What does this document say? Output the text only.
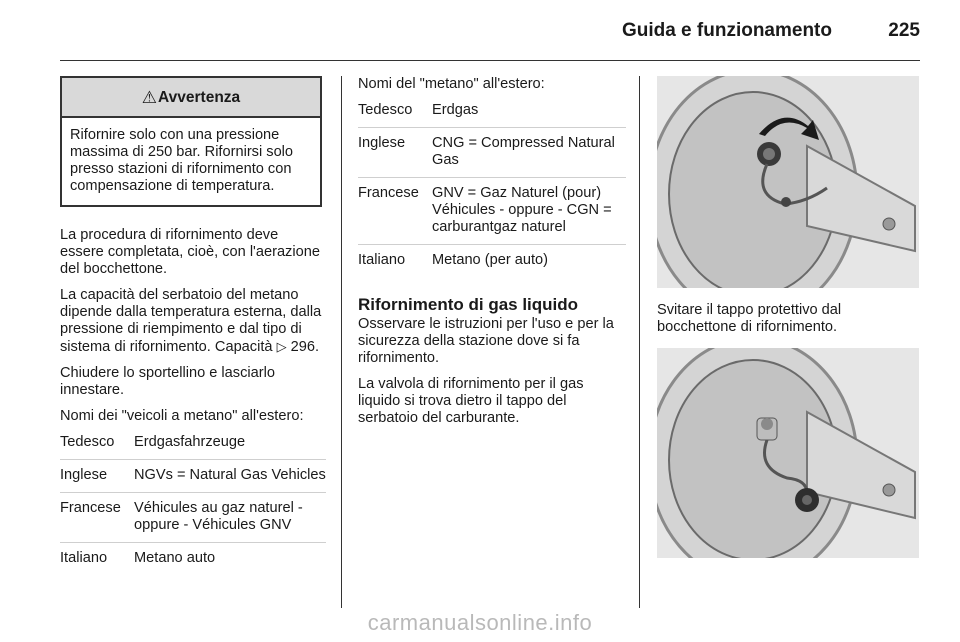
Guida e funzionamento	225
⚠ Avvertenza
Rifornire solo con una pressione massima di 250 bar. Rifornirsi solo presso stazioni di rifornimento con compensazione di temperatura.

La procedura di rifornimento deve essere completata, cioè, con l'aerazione del bocchettone.

La capacità del serbatoio del metano dipende dalla temperatura esterna, dalla pressione di riempimento e dal tipo di sistema di rifornimento. Capacità ▷ 296.

Chiudere lo sportellino e lasciarlo innestare.

Nomi dei "veicoli a metano" all'estero:

Tedesco	Erdgasfahrzeuge
Inglese	NGVs = Natural Gas Vehicles
Francese	Véhicules au gaz naturel - oppure - Véhicules GNV
Italiano	Metano auto

Nomi del "metano" all'estero:

Tedesco	Erdgas
Inglese	CNG = Compressed Natural Gas
Francese	GNV = Gaz Naturel (pour) Véhicules - oppure - CGN = carburantgaz naturel
Italiano	Metano (per auto)
Rifornimento di gas liquido

Osservare le istruzioni per l'uso e per la sicurezza della stazione dove si fa rifornimento.

La valvola di rifornimento per il gas liquido si trova dietro il tappo del serbatoio del carburante.

Svitare il tappo protettivo dal bocchettone di rifornimento.
carmanualsonline.info
